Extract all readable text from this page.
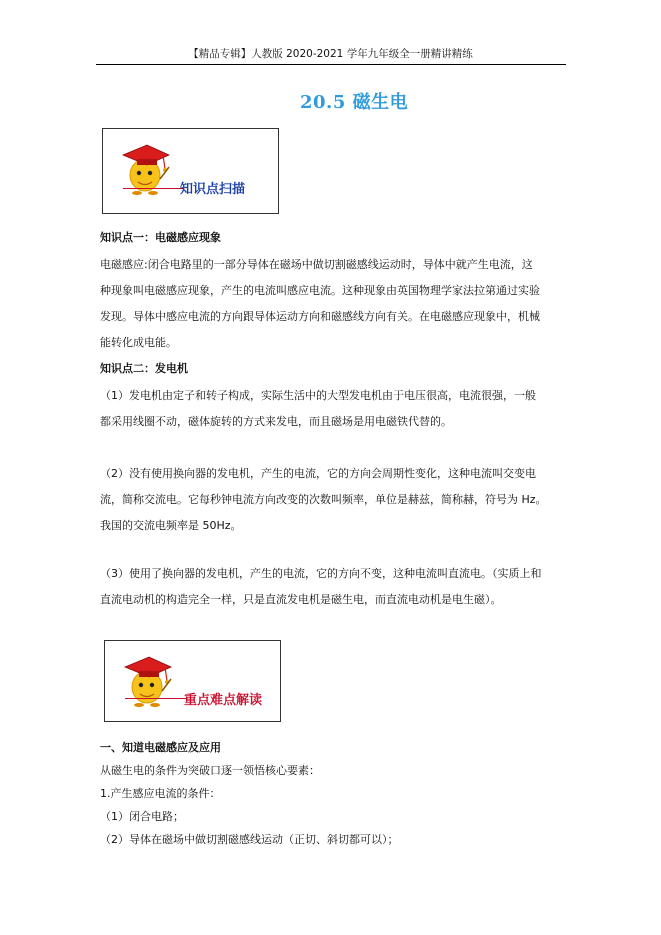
【精品专辑】人教版 2020-2021 学年九年级全一册精讲精练
20.5 磁生电
知识点扫描
知识点一：电磁感应现象
电磁感应:闭合电路里的一部分导体在磁场中做切割磁感线运动时，导体中就产生电流，这
种现象叫电磁感应现象，产生的电流叫感应电流。这种现象由英国物理学家法拉第通过实验
发现。导体中感应电流的方向跟导体运动方向和磁感线方向有关。在电磁感应现象中，机械
能转化成电能。
知识点二：发电机
（1）发电机由定子和转子构成，实际生活中的大型发电机由于电压很高，电流很强，一般
都采用线圈不动，磁体旋转的方式来发电，而且磁场是用电磁铁代替的。
（2）没有使用换向器的发电机，产生的电流，它的方向会周期性变化，这种电流叫交变电
流，简称交流电。它每秒钟电流方向改变的次数叫频率，单位是赫兹，简称赫，符号为 Hz。
我国的交流电频率是 50Hz。
（3）使用了换向器的发电机，产生的电流，它的方向不变，这种电流叫直流电。（实质上和
直流电动机的构造完全一样，只是直流发电机是磁生电，而直流电动机是电生磁）。
重点难点解读
一、知道电磁感应及应用
从磁生电的条件为突破口逐一领悟核心要素：
1.产生感应电流的条件：
（1）闭合电路；
（2）导体在磁场中做切割磁感线运动（正切、斜切都可以）；
